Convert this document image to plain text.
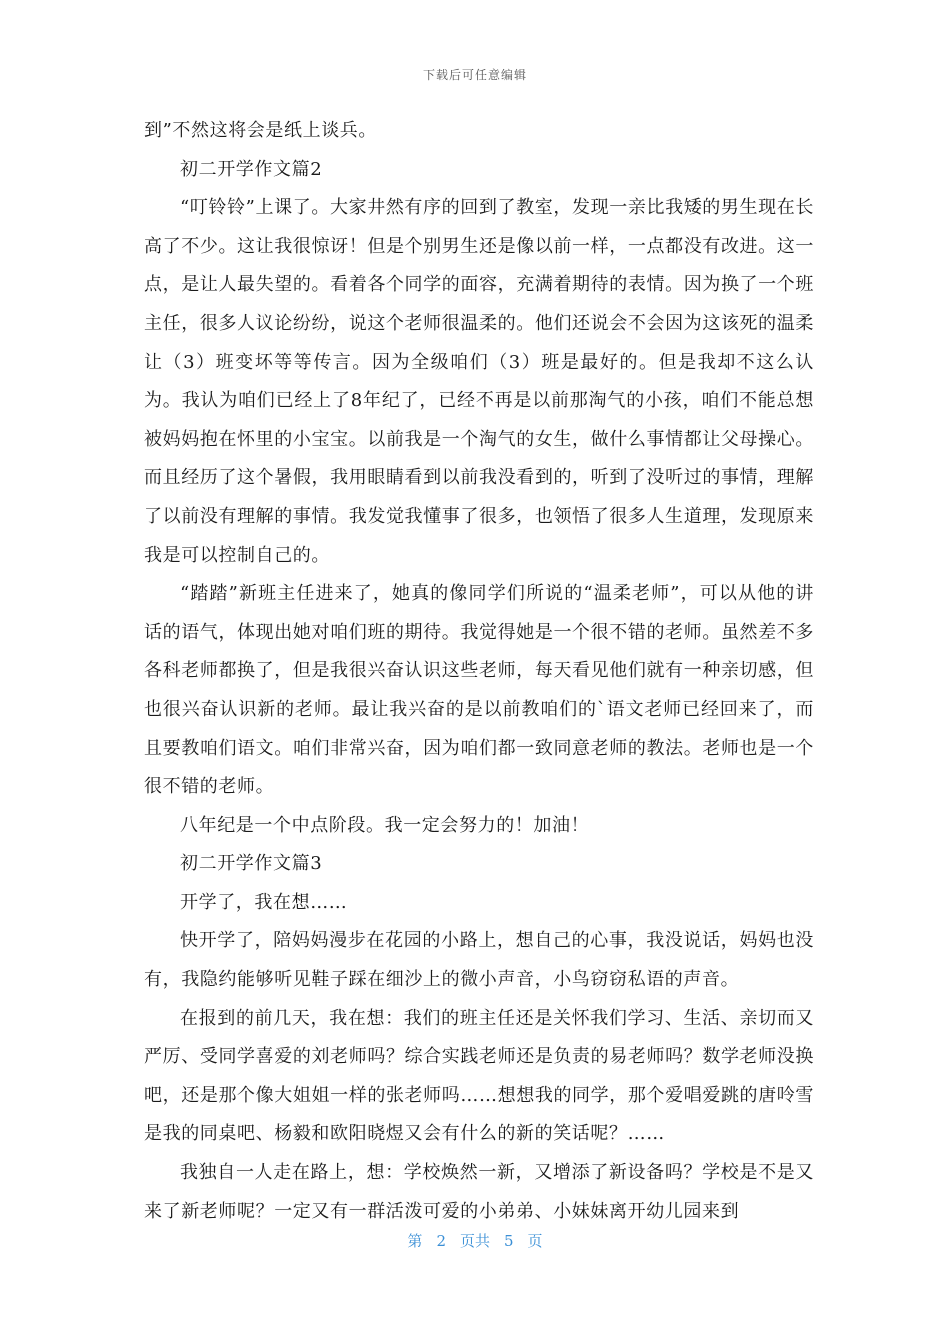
下载后可任意编辑

到”不然这将会是纸上谈兵。

初二开学作文篇2

“叮铃铃”上课了。大家井然有序的回到了教室，发现一亲比我矮的男生现在长高了不少。这让我很惊讶！但是个别男生还是像以前一样，一点都没有改进。这一点，是让人最失望的。看着各个同学的面容，充满着期待的表情。因为换了一个班主任，很多人议论纷纷，说这个老师很温柔的。他们还说会不会因为这该死的温柔让（3）班变坏等等传言。因为全级咱们（3）班是最好的。但是我却不这么认为。我认为咱们已经上了8年纪了，已经不再是以前那淘气的小孩，咱们不能总想被妈妈抱在怀里的小宝宝。以前我是一个淘气的女生，做什么事情都让父母操心。而且经历了这个暑假，我用眼睛看到以前我没看到的，听到了没听过的事情，理解了以前没有理解的事情。我发觉我懂事了很多，也领悟了很多人生道理，发现原来我是可以控制自己的。

“踏踏”新班主任进来了，她真的像同学们所说的“温柔老师”，可以从他的讲话的语气，体现出她对咱们班的期待。我觉得她是一个很不错的老师。虽然差不多各科老师都换了，但是我很兴奋认识这些老师，每天看见他们就有一种亲切感，但也很兴奋认识新的老师。最让我兴奋的是以前教咱们的`语文老师已经回来了，而且要教咱们语文。咱们非常兴奋，因为咱们都一致同意老师的教法。老师也是一个很不错的老师。

八年纪是一个中点阶段。我一定会努力的！加油！

初二开学作文篇3

开学了，我在想……

快开学了，陪妈妈漫步在花园的小路上，想自己的心事，我没说话，妈妈也没有，我隐约能够听见鞋子踩在细沙上的微小声音，小鸟窃窃私语的声音。

在报到的前几天，我在想：我们的班主任还是关怀我们学习、生活、亲切而又严厉、受同学喜爱的刘老师吗？综合实践老师还是负责的易老师吗？数学老师没换吧，还是那个像大姐姐一样的张老师吗……想想我的同学，那个爱唱爱跳的唐呤雪是我的同桌吧、杨毅和欧阳晓煜又会有什么的新的笑话呢？……

我独自一人走在路上，想：学校焕然一新，又增添了新设备吗？学校是不是又来了新老师呢？一定又有一群活泼可爱的小弟弟、小妹妹离开幼儿园来到

第 2 页共 5 页
